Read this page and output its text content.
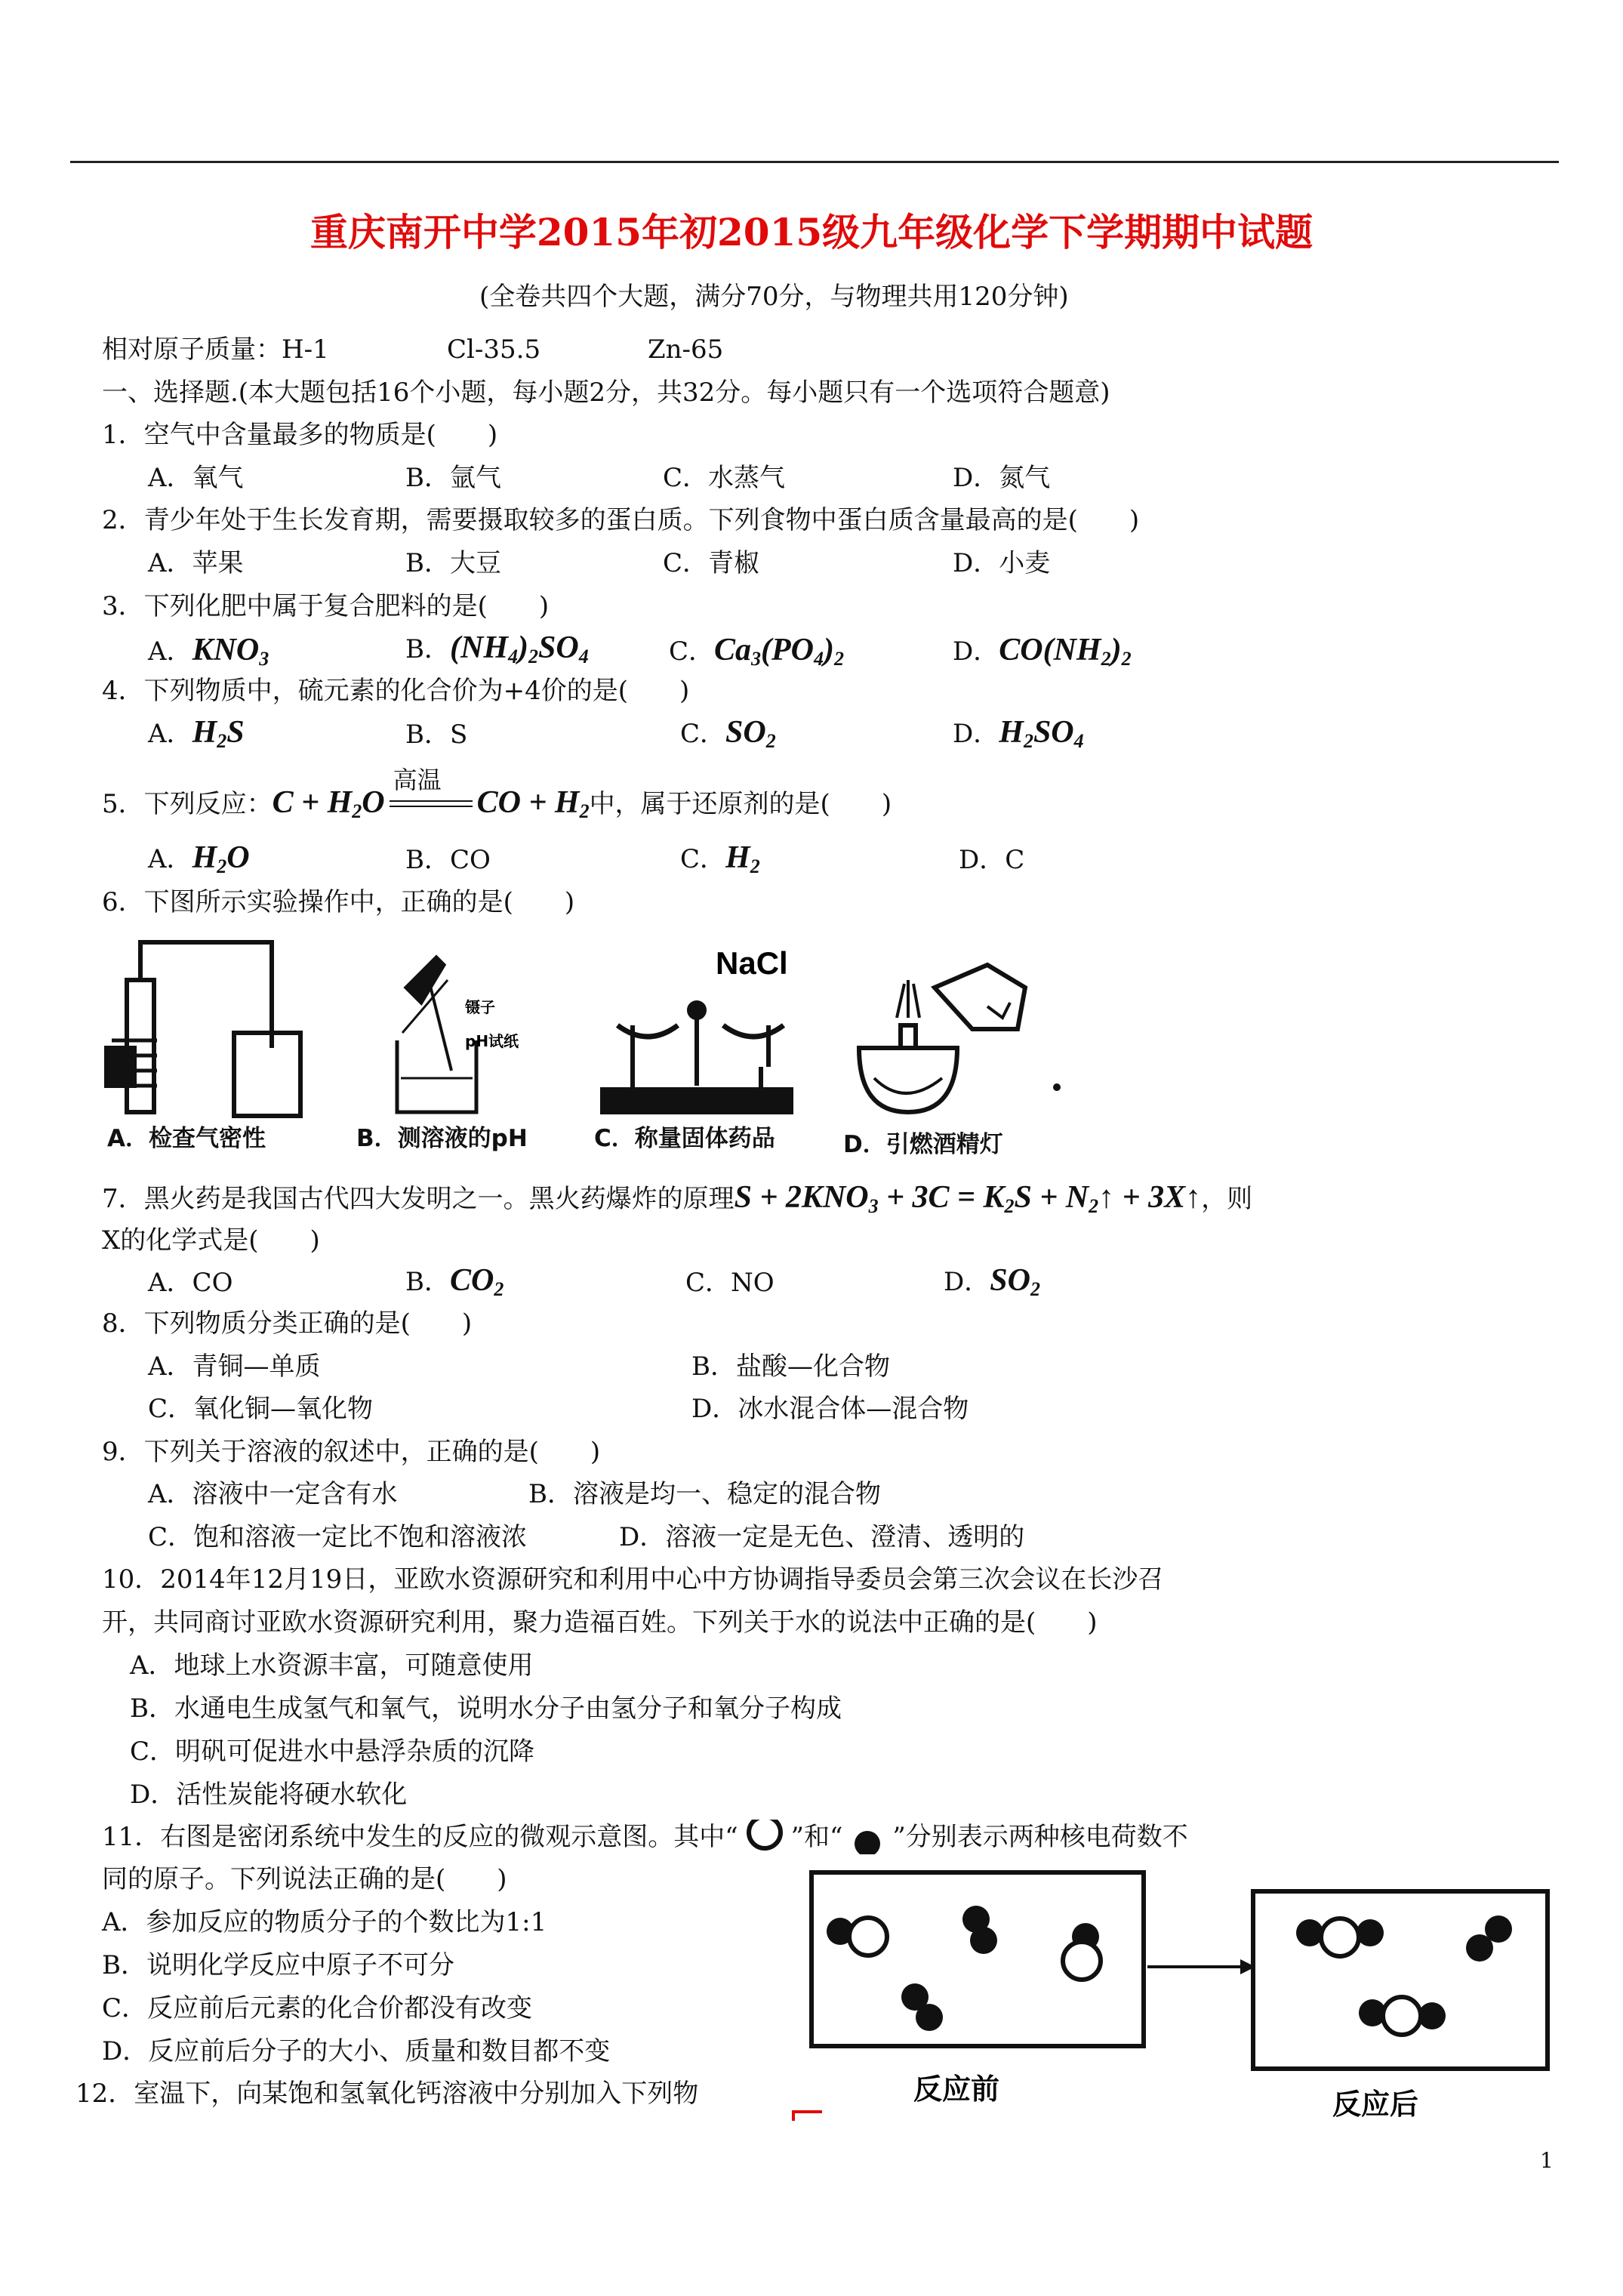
重庆南开中学2015年初2015级九年级化学下学期期中试题
(全卷共四个大题，满分70分，与物理共用120分钟)
相对原子质量：H-1	Cl-35.5	Zn-65
一、选择题.(本大题包括16个小题，每小题2分，共32分。每小题只有一个选项符合题意)
1．空气中含量最多的物质是(　　)
A．氧气	B．氩气	C．水蒸气	D．氮气
2．青少年处于生长发育期，需要摄取较多的蛋白质。下列食物中蛋白质含量最高的是(　　)
A．苹果	B．大豆	C．青椒	D．小麦
3．下列化肥中属于复合肥料的是(　　)
A．$KNO_3$	B．$(NH_4)_2SO_4$	C．$Ca_3(PO_4)_2$	D．$CO(NH_2)_2$
4．下列物质中，硫元素的化合价为+4价的是(　　)
A．$H_2S$	B．S	C．$SO_2$	D．$H_2SO_4$
5．下列反应：$C + H_2O$
高温
CO + $H_2$中，属于还原剂的是(　　)
A．$H_2O$	B．CO	C．$H_2$	D．C
6．下图所示实验操作中，正确的是(　　)
镊子
pH试纸
NaCl
A．检查气密性	B．测溶液的pH	C．称量固体药品	D．引燃酒精灯
7．黑火药是我国古代四大发明之一。黑火药爆炸的原理$S + 2KNO_3 + 3C = K_2S$ + $N_2↑$ + 3X↑，则
X的化学式是(　　)
A．CO	B．$CO_2$	C．NO	D．$SO_2$
8．下列物质分类正确的是(　　)
A．青铜—单质	B．盐酸—化合物
C．氧化铜—氧化物	D．冰水混合体—混合物
9．下列关于溶液的叙述中，正确的是(　　)
A．溶液中一定含有水	B．溶液是均一、稳定的混合物
C．饱和溶液一定比不饱和溶液浓	D．溶液一定是无色、澄清、透明的
10．2014年12月19日，亚欧水资源研究和利用中心中方协调指导委员会第三次会议在长沙召
开，共同商讨亚欧水资源研究利用，聚力造福百姓。下列关于水的说法中正确的是(　　)
A．地球上水资源丰富，可随意使用
B．水通电生成氢气和氧气，说明水分子由氢分子和氧分子构成
C．明矾可促进水中悬浮杂质的沉降
D．活性炭能将硬水软化
11．右图是密闭系统中发生的反应的微观示意图。其中“ ”和“ ”分别表示两种核电荷数不
同的原子。下列说法正确的是(　　)
A．参加反应的物质分子的个数比为1:1
B．说明化学反应中原子不可分
C．反应前后元素的化合价都没有改变
D．反应前后分子的大小、质量和数目都不变
反应前	反应后
12．室温下，向某饱和氢氧化钙溶液中分别加入下列物
1
